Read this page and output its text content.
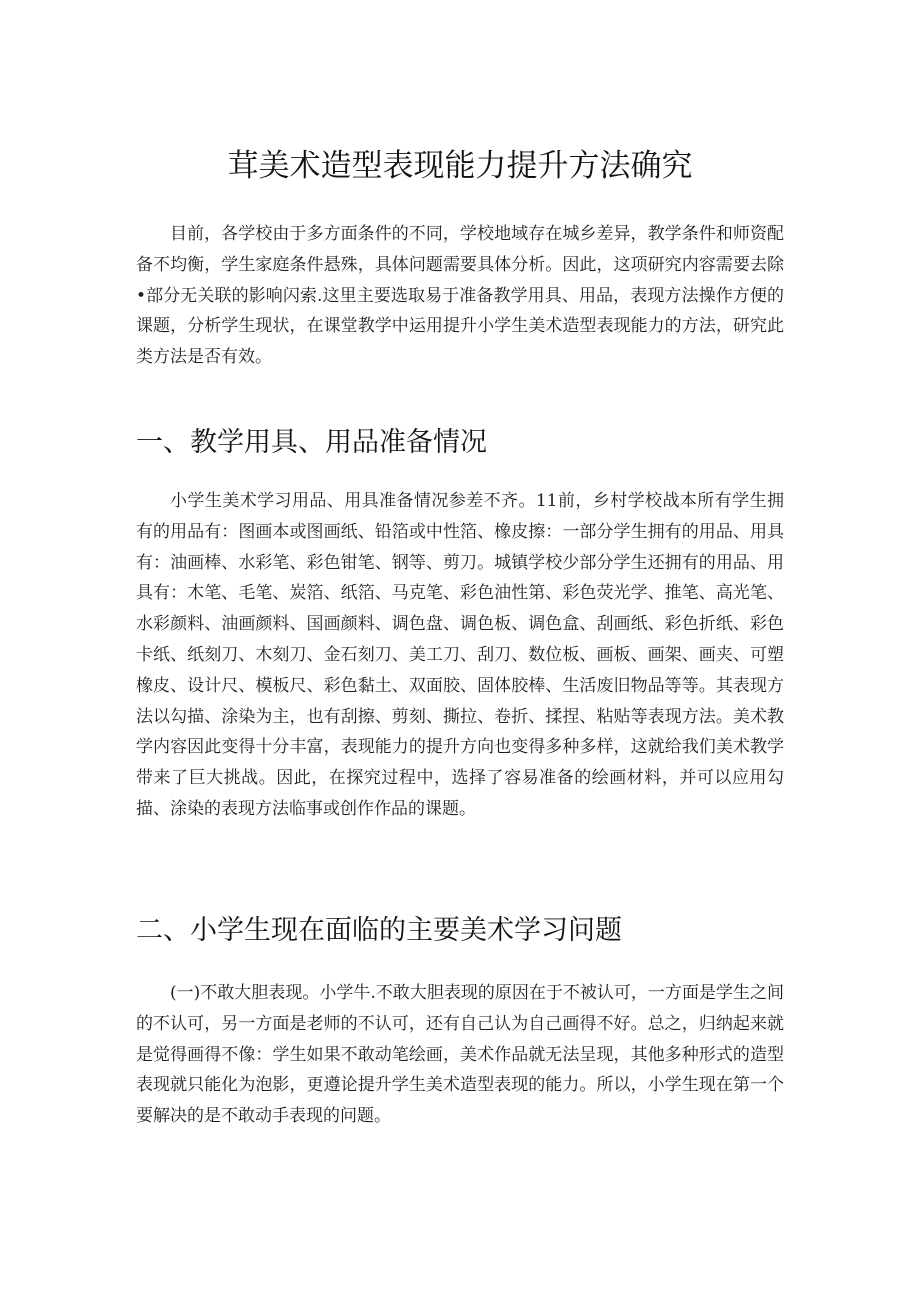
茸美术造型表现能力提升方法确究

目前，各学校由于多方面条件的不同，学校地域存在城乡差异，教学条件和师资配备不均衡，学生家庭条件悬殊，具体问题需要具体分析。因此，这项研究内容需要去除•部分无关联的影响闪索.这里主要选取易于准备教学用具、用品，表现方法操作方便的课题，分析学生现状，在课堂教学中运用提升小学生美术造型表现能力的方法，研究此类方法是否有效。

一、教学用具、用品准备情况

小学生美术学习用品、用具准备情况参差不齐。11前，乡村学校战本所有学生拥有的用品有：图画本或图画纸、铅箔或中性箔、橡皮擦：一部分学生拥有的用品、用具有：油画棒、水彩笔、彩色钳笔、钢等、剪刀。城镇学校少部分学生还拥有的用品、用具有：木笔、毛笔、炭箔、纸箔、马克笔、彩色油性第、彩色荧光学、推笔、高光笔、水彩颜料、油画颜料、国画颜料、调色盘、调色板、调色盒、刮画纸、彩色折纸、彩色卡纸、纸刻刀、木刻刀、金石刻刀、美工刀、刮刀、数位板、画板、画架、画夹、可塑橡皮、设计尺、模板尺、彩色黏土、双面胶、固体胶棒、生活废旧物品等等。其表现方法以勾描、涂染为主，也有刮擦、剪刻、撕拉、卷折、揉捏、粘贴等表现方法。美术教学内容因此变得十分丰富，表现能力的提升方向也变得多种多样，这就给我们美术教学带来了巨大挑战。因此，在探究过程中，选择了容易准备的绘画材料，并可以应用勾描、涂染的表现方法临事或创作作品的课题。

二、小学生现在面临的主要美术学习问题

(一)不敢大胆表现。小学牛.不敢大胆表现的原因在于不被认可，一方面是学生之间的不认可，另一方面是老师的不认可，还有自己认为自己画得不好。总之，归纳起来就是觉得画得不像：学生如果不敢动笔绘画，美术作品就无法呈现，其他多种形式的造型表现就只能化为泡影，更遵论提升学生美术造型表现的能力。所以，小学生现在第一个要解决的是不敢动手表现的问题。
